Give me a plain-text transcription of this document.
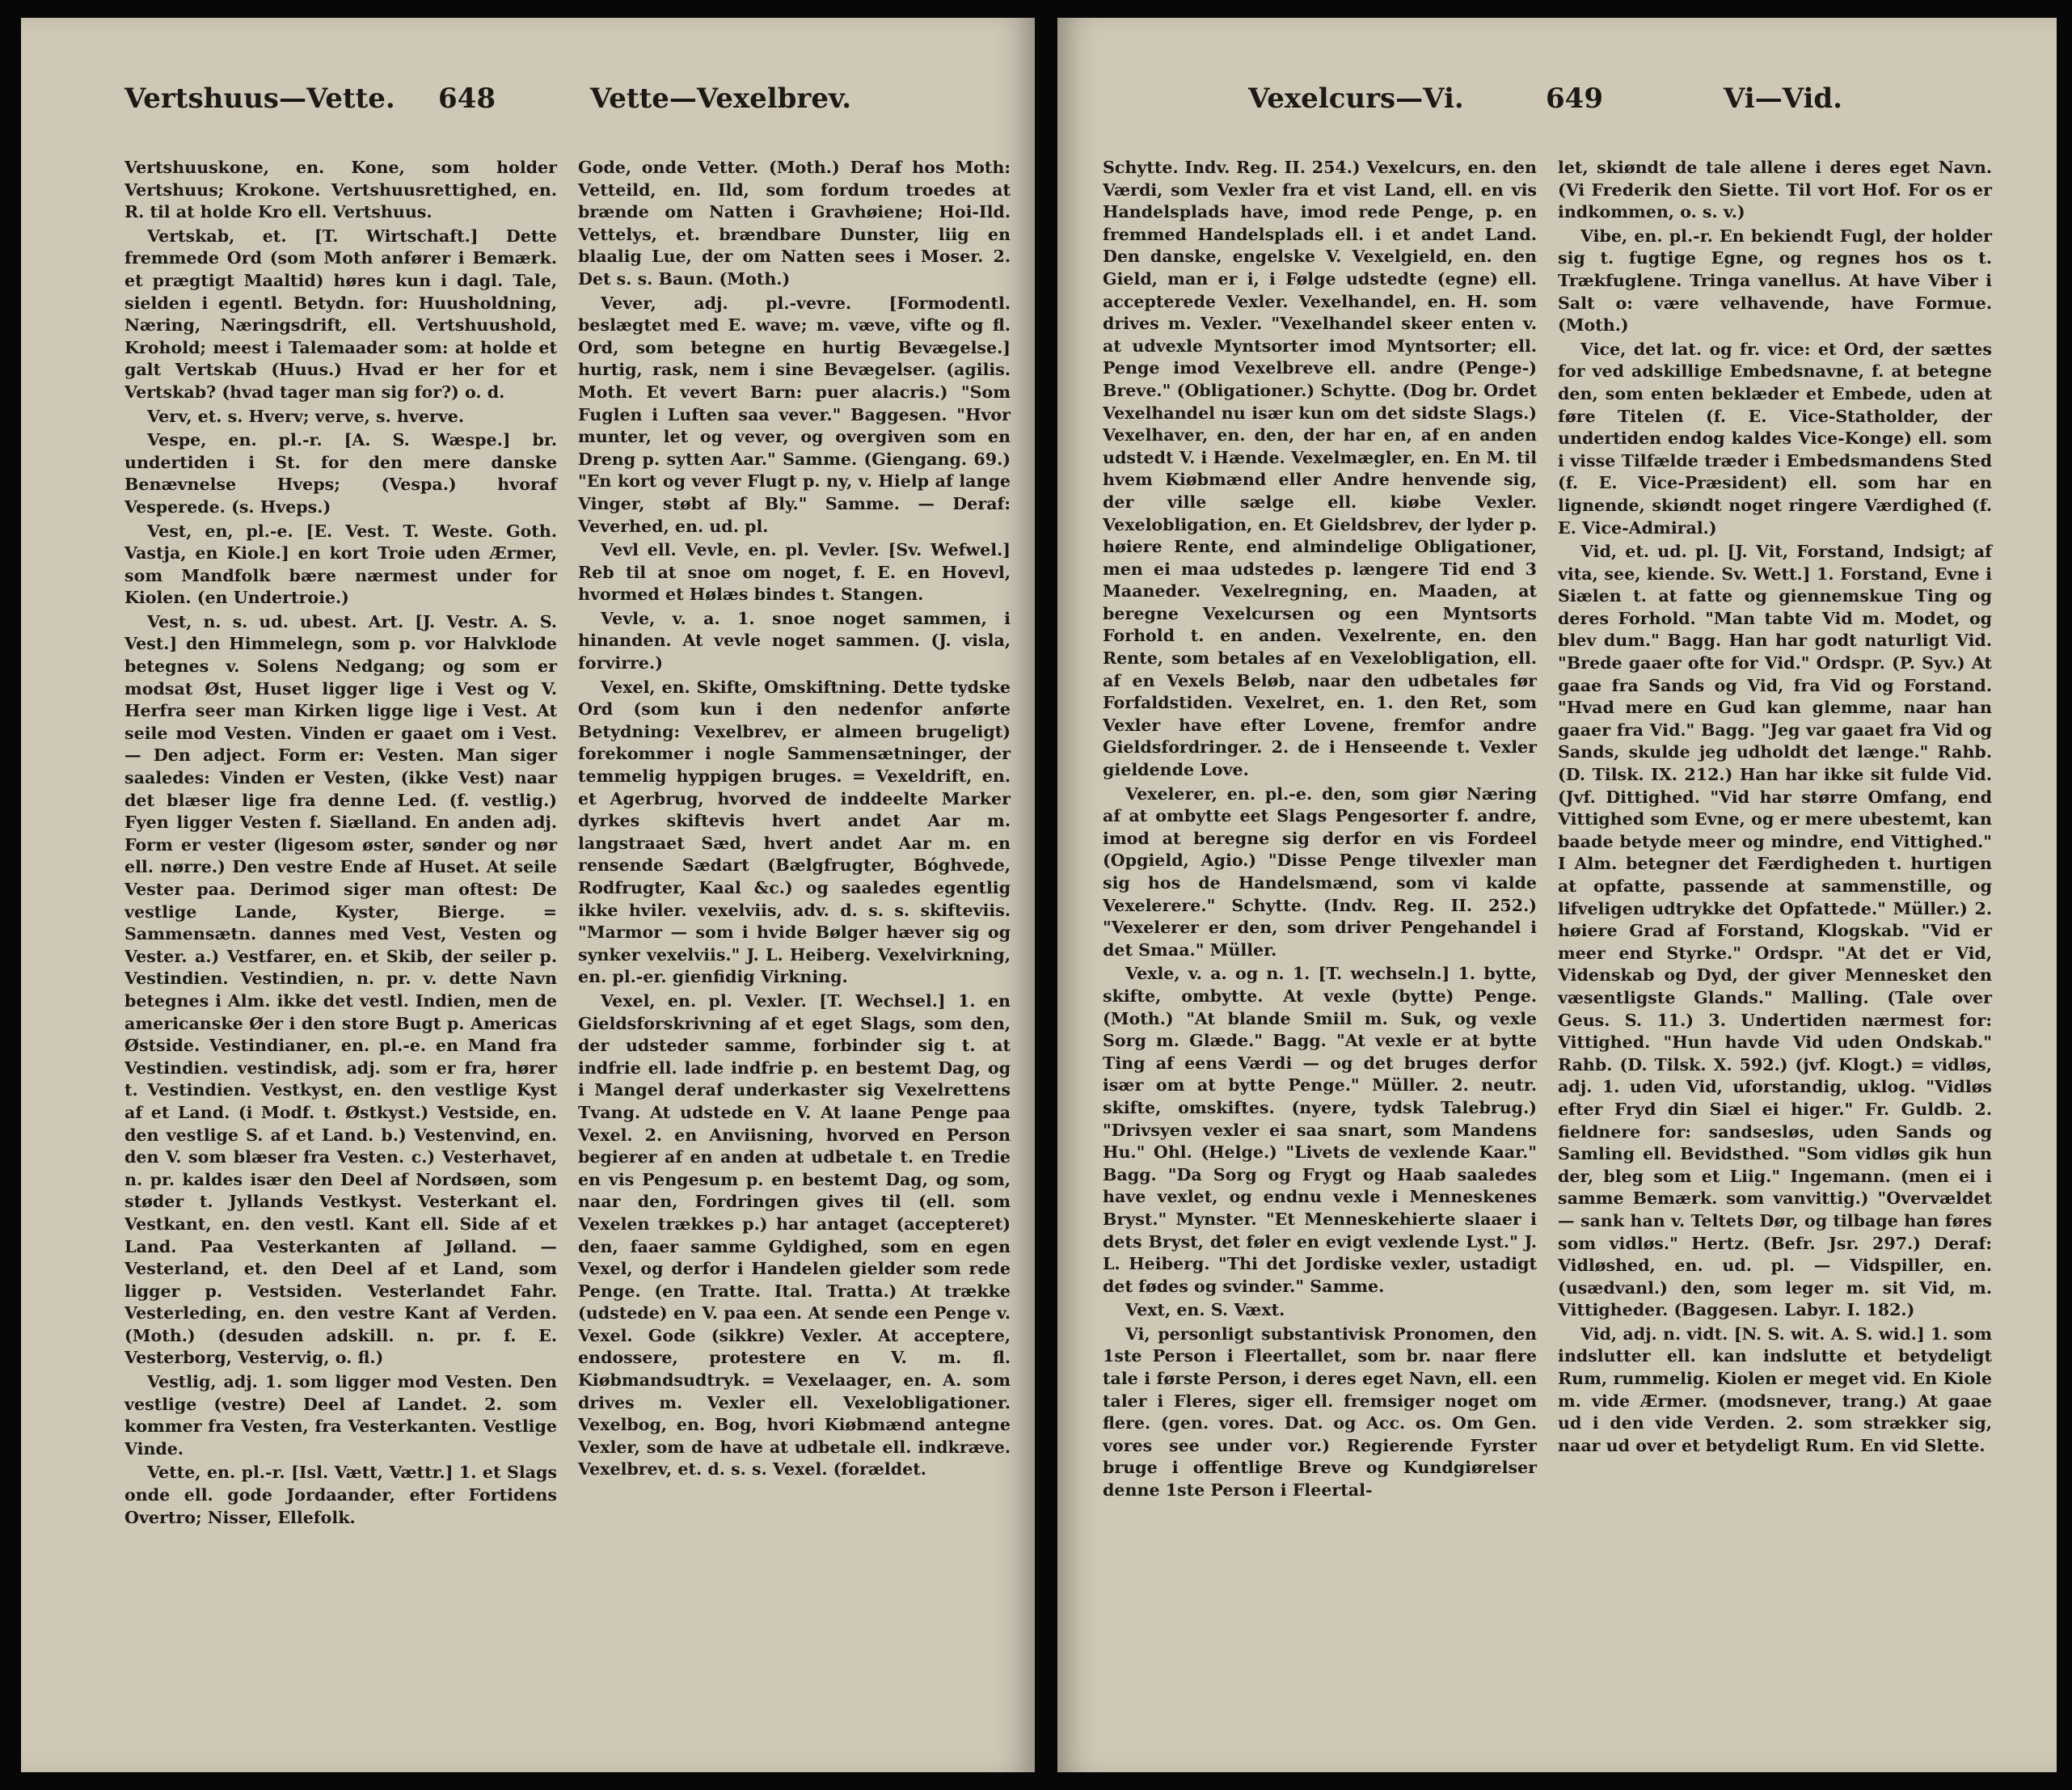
Vertshuus—Vette. 648	Vette—Vexelbrev.

Vertshuuskone, en. Kone, som holder Vertshuus; Krokone. Vertshuusrettighed, en. R. til at holde Kro ell. Vertshuus.

Vertskab, et. [T. Wirtschaft.] Dette fremmede Ord (som Moth anfører i Bemærk. et prægtigt Maaltid) høres kun i dagl. Tale, sielden i egentl. Betydn. for: Huusholdning, Næring, Næringsdrift, ell. Vertshuushold, Krohold; meest i Talemaader som: at holde et galt Vertskab (Huus.) Hvad er her for et Vertskab? (hvad tager man sig for?) o. d.

Verv, et. s. Hverv; verve, s. hverve.

Vespe, en. pl.-r. [A. S. Wæspe.] br. undertiden i St. for den mere danske Benævnelse Hveps; (Vespa.) hvoraf Vesperede. (s. Hveps.)

Vest, en, pl.-e. [E. Vest. T. Weste. Goth. Vastja, en Kiole.] en kort Troie uden Ærmer, som Mandfolk bære nærmest under for Kiolen. (en Undertroie.)

Vest, n. s. ud. ubest. Art. [J. Vestr. A. S. Vest.] den Himmelegn, som p. vor Halvklode betegnes v. Solens Nedgang; og som er modsat Øst, Huset ligger lige i Vest og V. Herfra seer man Kirken ligge lige i Vest. At seile mod Vesten. Vinden er gaaet om i Vest. — Den adject. Form er: Vesten. Man siger saaledes: Vinden er Vesten, (ikke Vest) naar det blæser lige fra denne Led. (f. vestlig.) Fyen ligger Vesten f. Siælland. En anden adj. Form er vester (ligesom øster, sønder og nør ell. nørre.) Den vestre Ende af Huset. At seile Vester paa. Derimod siger man oftest: De vestlige Lande, Kyster, Bierge. = Sammensætn. dannes med Vest, Vesten og Vester. a.) Vestfarer, en. et Skib, der seiler p. Vestindien. Vestindien, n. pr. v. dette Navn betegnes i Alm. ikke det vestl. Indien, men de americanske Øer i den store Bugt p. Americas Østside. Vestindianer, en. pl.-e. en Mand fra Vestindien. vestindisk, adj. som er fra, hører t. Vestindien. Vestkyst, en. den vestlige Kyst af et Land. (i Modf. t. Østkyst.) Vestside, en. den vestlige S. af et Land. b.) Vestenvind, en. den V. som blæser fra Vesten. c.) Vesterhavet, n. pr. kaldes især den Deel af Nordsøen, som støder t. Jyllands Vestkyst. Vesterkant el. Vestkant, en. den vestl. Kant ell. Side af et Land. Paa Vesterkanten af Jølland. — Vesterland, et. den Deel af et Land, som ligger p. Vestsiden. Vesterlandet Fahr. Vesterleding, en. den vestre Kant af Verden. (Moth.) (desuden adskill. n. pr. f. E. Vesterborg, Vestervig, o. fl.)

Vestlig, adj. 1. som ligger mod Vesten. Den vestlige (vestre) Deel af Landet. 2. som kommer fra Vesten, fra Vesterkanten. Vestlige Vinde.

Vette, en. pl.-r. [Isl. Vætt, Vættr.] 1. et Slags onde ell. gode Jordaander, efter Fortidens Overtro; Nisser, Ellefolk.

Gode, onde Vetter. (Moth.) Deraf hos Moth: Vetteild, en. Ild, som fordum troedes at brænde om Natten i Gravhøiene; Hoi-Ild. Vettelys, et. brændbare Dunster, liig en blaalig Lue, der om Natten sees i Moser. 2. Det s. s. Baun. (Moth.)

Vever, adj. pl.-vevre. [Formodentl. beslægtet med E. wave; m. væve, vifte og fl. Ord, som betegne en hurtig Bevægelse.] hurtig, rask, nem i sine Bevægelser. (agilis. Moth. Et vevert Barn: puer alacris.) "Som Fuglen i Luften saa vever." Baggesen. "Hvor munter, let og vever, og overgiven som en Dreng p. sytten Aar." Samme. (Giengang. 69.) "En kort og vever Flugt p. ny, v. Hielp af lange Vinger, støbt af Bly." Samme. — Deraf: Veverhed, en. ud. pl.

Vevl ell. Vevle, en. pl. Vevler. [Sv. Wefwel.] Reb til at snoe om noget, f. E. en Hovevl, hvormed et Hølæs bindes t. Stangen.

Vevle, v. a. 1. snoe noget sammen, i hinanden. At vevle noget sammen. (J. visla, forvirre.)

Vexel, en. Skifte, Omskiftning. Dette tydske Ord (som kun i den nedenfor anførte Betydning: Vexelbrev, er almeen brugeligt) forekommer i nogle Sammensætninger, der temmelig hyppigen bruges. = Vexeldrift, en. et Agerbrug, hvorved de inddeelte Marker dyrkes skiftevis hvert andet Aar m. langstraaet Sæd, hvert andet Aar m. en rensende Sædart (Bælgfrugter, Bóghvede, Rodfrugter, Kaal &c.) og saaledes egentlig ikke hviler. vexelviis, adv. d. s. s. skifteviis. "Marmor — som i hvide Bølger hæver sig og synker vexelviis." J. L. Heiberg. Vexelvirkning, en. pl.-er. gienfidig Virkning.

Vexel, en. pl. Vexler. [T. Wechsel.] 1. en Gieldsforskrivning af et eget Slags, som den, der udsteder samme, forbinder sig t. at indfrie ell. lade indfrie p. en bestemt Dag, og i Mangel deraf underkaster sig Vexelrettens Tvang. At udstede en V. At laane Penge paa Vexel. 2. en Anviisning, hvorved en Person begierer af en anden at udbetale t. en Tredie en vis Pengesum p. en bestemt Dag, og som, naar den, Fordringen gives til (ell. som Vexelen trækkes p.) har antaget (accepteret) den, faaer samme Gyldighed, som en egen Vexel, og derfor i Handelen gielder som rede Penge. (en Tratte. Ital. Tratta.) At trække (udstede) en V. paa een. At sende een Penge v. Vexel. Gode (sikkre) Vexler. At acceptere, endossere, protestere en V. m. fl. Kiøbmandsudtryk. = Vexelaager, en. A. som drives m. Vexler ell. Vexelobligationer. Vexelbog, en. Bog, hvori Kiøbmænd antegne Vexler, som de have at udbetale ell. indkræve. Vexelbrev, et. d. s. s. Vexel. (forældet.

Vexelcurs—Vi.	649	Vi—Vid.

Schytte. Indv. Reg. II. 254.) Vexelcurs, en. den Værdi, som Vexler fra et vist Land, ell. en vis Handelsplads have, imod rede Penge, p. en fremmed Handelsplads ell. i et andet Land. Den danske, engelske V. Vexelgield, en. den Gield, man er i, i Følge udstedte (egne) ell. accepterede Vexler. Vexelhandel, en. H. som drives m. Vexler. "Vexelhandel skeer enten v. at udvexle Myntsorter imod Myntsorter; ell. Penge imod Vexelbreve ell. andre (Penge-) Breve." (Obligationer.) Schytte. (Dog br. Ordet Vexelhandel nu især kun om det sidste Slags.) Vexelhaver, en. den, der har en, af en anden udstedt V. i Hænde. Vexelmægler, en. En M. til hvem Kiøbmænd eller Andre henvende sig, der ville sælge ell. kiøbe Vexler. Vexelobligation, en. Et Gieldsbrev, der lyder p. høiere Rente, end almindelige Obligationer, men ei maa udstedes p. længere Tid end 3 Maaneder. Vexelregning, en. Maaden, at beregne Vexelcursen og een Myntsorts Forhold t. en anden. Vexelrente, en. den Rente, som betales af en Vexelobligation, ell. af en Vexels Beløb, naar den udbetales før Forfaldstiden. Vexelret, en. 1. den Ret, som Vexler have efter Lovene, fremfor andre Gieldsfordringer. 2. de i Henseende t. Vexler gieldende Love.

Vexelerer, en. pl.-e. den, som giør Næring af at ombytte eet Slags Pengesorter f. andre, imod at beregne sig derfor en vis Fordeel (Opgield, Agio.) "Disse Penge tilvexler man sig hos de Handelsmænd, som vi kalde Vexelerere." Schytte. (Indv. Reg. II. 252.) "Vexelerer er den, som driver Pengehandel i det Smaa." Müller.

Vexle, v. a. og n. 1. [T. wechseln.] 1. bytte, skifte, ombytte. At vexle (bytte) Penge. (Moth.) "At blande Smiil m. Suk, og vexle Sorg m. Glæde." Bagg. "At vexle er at bytte Ting af eens Værdi — og det bruges derfor især om at bytte Penge." Müller. 2. neutr. skifte, omskiftes. (nyere, tydsk Talebrug.) "Drivsyen vexler ei saa snart, som Mandens Hu." Ohl. (Helge.) "Livets de vexlende Kaar." Bagg. "Da Sorg og Frygt og Haab saaledes have vexlet, og endnu vexle i Menneskenes Bryst." Mynster. "Et Menneskehierte slaaer i dets Bryst, det føler en evigt vexlende Lyst." J. L. Heiberg. "Thi det Jordiske vexler, ustadigt det fødes og svinder." Samme.

Vext, en. S. Væxt.

Vi, personligt substantivisk Pronomen, den 1ste Person i Fleertallet, som br. naar flere tale i første Person, i deres eget Navn, ell. een taler i Fleres, siger ell. fremsiger noget om flere. (gen. vores. Dat. og Acc. os. Om Gen. vores see under vor.) Regierende Fyrster bruge i offentlige Breve og Kundgiørelser denne 1ste Person i Fleertal-

let, skiøndt de tale allene i deres eget Navn. (Vi Frederik den Siette. Til vort Hof. For os er indkommen, o. s. v.)

Vibe, en. pl.-r. En bekiendt Fugl, der holder sig t. fugtige Egne, og regnes hos os t. Trækfuglene. Tringa vanellus. At have Viber i Salt o: være velhavende, have Formue. (Moth.)

Vice, det lat. og fr. vice: et Ord, der sættes for ved adskillige Embedsnavne, f. at betegne den, som enten beklæder et Embede, uden at føre Titelen (f. E. Vice-Statholder, der undertiden endog kaldes Vice-Konge) ell. som i visse Tilfælde træder i Embedsmandens Sted (f. E. Vice-Præsident) ell. som har en lignende, skiøndt noget ringere Værdighed (f. E. Vice-Admiral.)

Vid, et. ud. pl. [J. Vit, Forstand, Indsigt; af vita, see, kiende. Sv. Wett.] 1. Forstand, Evne i Siælen t. at fatte og giennemskue Ting og deres Forhold. "Man tabte Vid m. Modet, og blev dum." Bagg. Han har godt naturligt Vid. "Brede gaaer ofte for Vid." Ordspr. (P. Syv.) At gaae fra Sands og Vid, fra Vid og Forstand. "Hvad mere en Gud kan glemme, naar han gaaer fra Vid." Bagg. "Jeg var gaaet fra Vid og Sands, skulde jeg udholdt det længe." Rahb. (D. Tilsk. IX. 212.) Han har ikke sit fulde Vid. (Jvf. Dittighed. "Vid har større Omfang, end Vittighed som Evne, og er mere ubestemt, kan baade betyde meer og mindre, end Vittighed." I Alm. betegner det Færdigheden t. hurtigen at opfatte, passende at sammenstille, og lifveligen udtrykke det Opfattede." Müller.) 2. høiere Grad af Forstand, Klogskab. "Vid er meer end Styrke." Ordspr. "At det er Vid, Videnskab og Dyd, der giver Mennesket den væsentligste Glands." Malling. (Tale over Geus. S. 11.) 3. Undertiden nærmest for: Vittighed. "Hun havde Vid uden Ondskab." Rahb. (D. Tilsk. X. 592.) (jvf. Klogt.) = vidløs, adj. 1. uden Vid, uforstandig, uklog. "Vidløs efter Fryd din Siæl ei higer." Fr. Guldb. 2. fieldnere for: sandsesløs, uden Sands og Samling ell. Bevidsthed. "Som vidløs gik hun der, bleg som et Liig." Ingemann. (men ei i samme Bemærk. som vanvittig.) "Overvældet — sank han v. Teltets Dør, og tilbage han føres som vidløs." Hertz. (Befr. Jsr. 297.) Deraf: Vidløshed, en. ud. pl. — Vidspiller, en. (usædvanl.) den, som leger m. sit Vid, m. Vittigheder. (Baggesen. Labyr. I. 182.)

Vid, adj. n. vidt. [N. S. wit. A. S. wid.] 1. som indslutter ell. kan indslutte et betydeligt Rum, rummelig. Kiolen er meget vid. En Kiole m. vide Ærmer. (modsnever, trang.) At gaae ud i den vide Verden. 2. som strækker sig, naar ud over et betydeligt Rum. En vid Slette.
